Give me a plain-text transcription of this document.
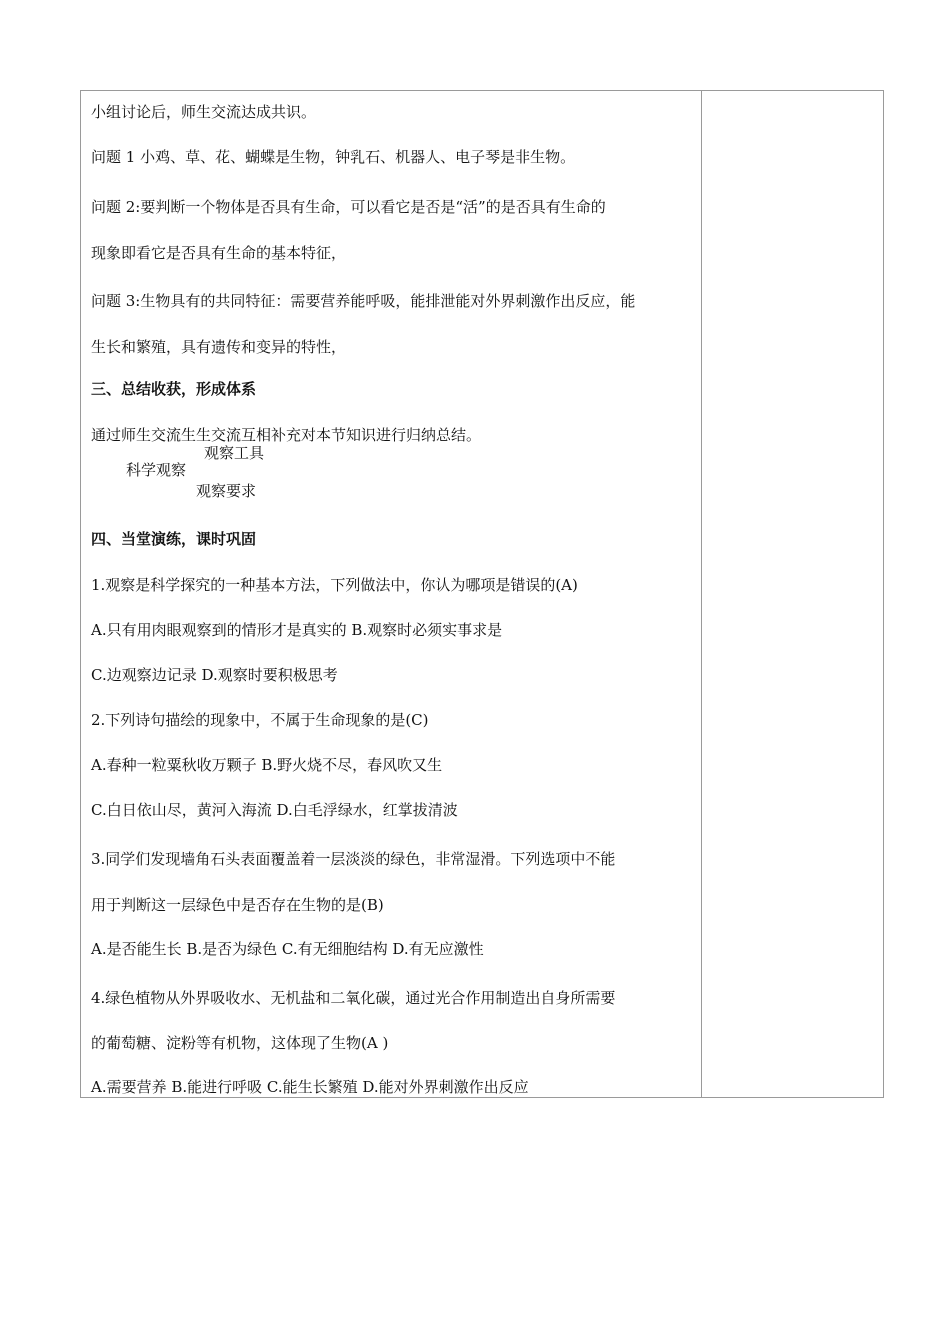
小组讨论后，师生交流达成共识。
问题 1 小鸡、草、花、蝴蝶是生物，钟乳石、机器人、电子琴是非生物。
问题 2:要判断一个物体是否具有生命，可以看它是否是“活”的是否具有生命的
现象即看它是否具有生命的基本特征，
问题 3:生物具有的共同特征：需要营养能呼吸，能排泄能对外界刺激作出反应，能
生长和繁殖，具有遗传和变异的特性，
三、总结收获，形成体系
通过师生交流生生交流互相补充对本节知识进行归纳总结。
科学观察
观察工具
观察要求
四、当堂演练，课时巩固
1.观察是科学探究的一种基本方法，下列做法中，你认为哪项是错误的(A)
A.只有用肉眼观察到的情形才是真实的 B.观察时必须实事求是
C.边观察边记录 D.观察时要积极思考
2.下列诗句描绘的现象中，不属于生命现象的是(C)
A.春种一粒粟秋收万颗子 B.野火烧不尽，春风吹又生
C.白日依山尽，黄河入海流 D.白毛浮绿水，红掌拔清波
3.同学们发现墙角石头表面覆盖着一层淡淡的绿色，非常湿滑。下列选项中不能
用于判断这一层绿色中是否存在生物的是(B)
A.是否能生长 B.是否为绿色 C.有无细胞结构 D.有无应激性
4.绿色植物从外界吸收水、无机盐和二氧化碳，通过光合作用制造出自身所需要
的葡萄糖、淀粉等有机物，这体现了生物(A )
A.需要营养 B.能进行呼吸 C.能生长繁殖 D.能对外界刺激作出反应
